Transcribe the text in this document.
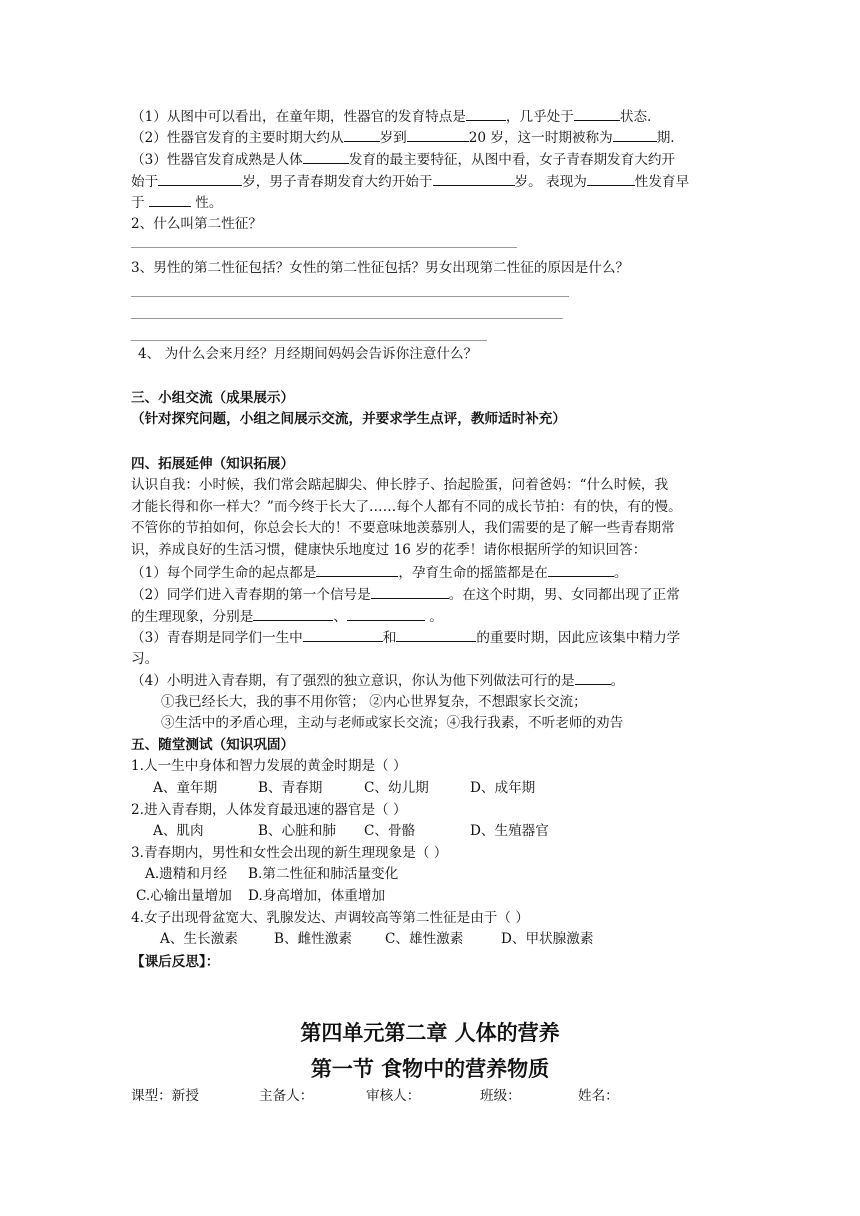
（1）从图中可以看出，在童年期，性器官的发育特点是	，几乎处于	状态.
（2）性器官发育的主要时期大约从	岁到	20 岁，这一时期被称为	期.
（3）性器官发育成熟是人体	发育的最主要特征，从图中看，女子青春期发育大约开
始于	岁，男子青春期发育大约开始于	岁。 表现为	性发育早
于	性。
2、什么叫第二性征？
3、男性的第二性征包括？女性的第二性征包括？男女出现第二性征的原因是什么？
4、 为什么会来月经？月经期间妈妈会告诉你注意什么？
三、小组交流（成果展示）
（针对探究问题，小组之间展示交流，并要求学生点评，教师适时补充）
四、拓展延伸（知识拓展）
认识自我：小时候，我们常会踮起脚尖、伸长脖子、抬起脸蛋，问着爸妈：“什么时候，我
才能长得和你一样大？”而今终于长大了……每个人都有不同的成长节拍：有的快，有的慢。
不管你的节拍如何，你总会长大的！不要意味地羡慕别人，我们需要的是了解一些青春期常
识，养成良好的生活习惯，健康快乐地度过 16 岁的花季！请你根据所学的知识回答：
（1）每个同学生命的起点都是	，孕育生命的摇篮都是在	。
（2）同学们进入青春期的第一个信号是	。在这个时期，男、女同都出现了正常
的生理现象，分别是	、	。
（3）青春期是同学们一生中	和	的重要时期，因此应该集中精力学
习。
（4）小明进入青春期，有了强烈的独立意识，你认为他下列做法可行的是	。
①我已经长大，我的事不用你管； ②内心世界复杂，不想跟家长交流；
③生活中的矛盾心理，主动与老师或家长交流；④我行我素，不听老师的劝告
五、随堂测试（知识巩固）
1.人一生中身体和智力发展的黄金时期是（ ）
A、童年期	B、青春期	C、幼儿期	D、成年期
2.进入青春期，人体发育最迅速的器官是（ ）
A、肌肉	B、心脏和肺 C、骨骼	D、生殖器官
3.青春期内，男性和女性会出现的新生理现象是（ ）
A.遗精和月经 B.第二性征和肺活量变化
C.心输出量增加 D.身高增加，体重增加
4.女子出现骨盆宽大、乳腺发达、声调较高等第二性征是由于（ ）
A、生长激素	B、雌性激素 C、雄性激素	D、甲状腺激素
【课后反思】：
第四单元第二章 人体的营养
第一节 食物中的营养物质
课型：新授	主备人：	审核人：	班级：	姓名：
